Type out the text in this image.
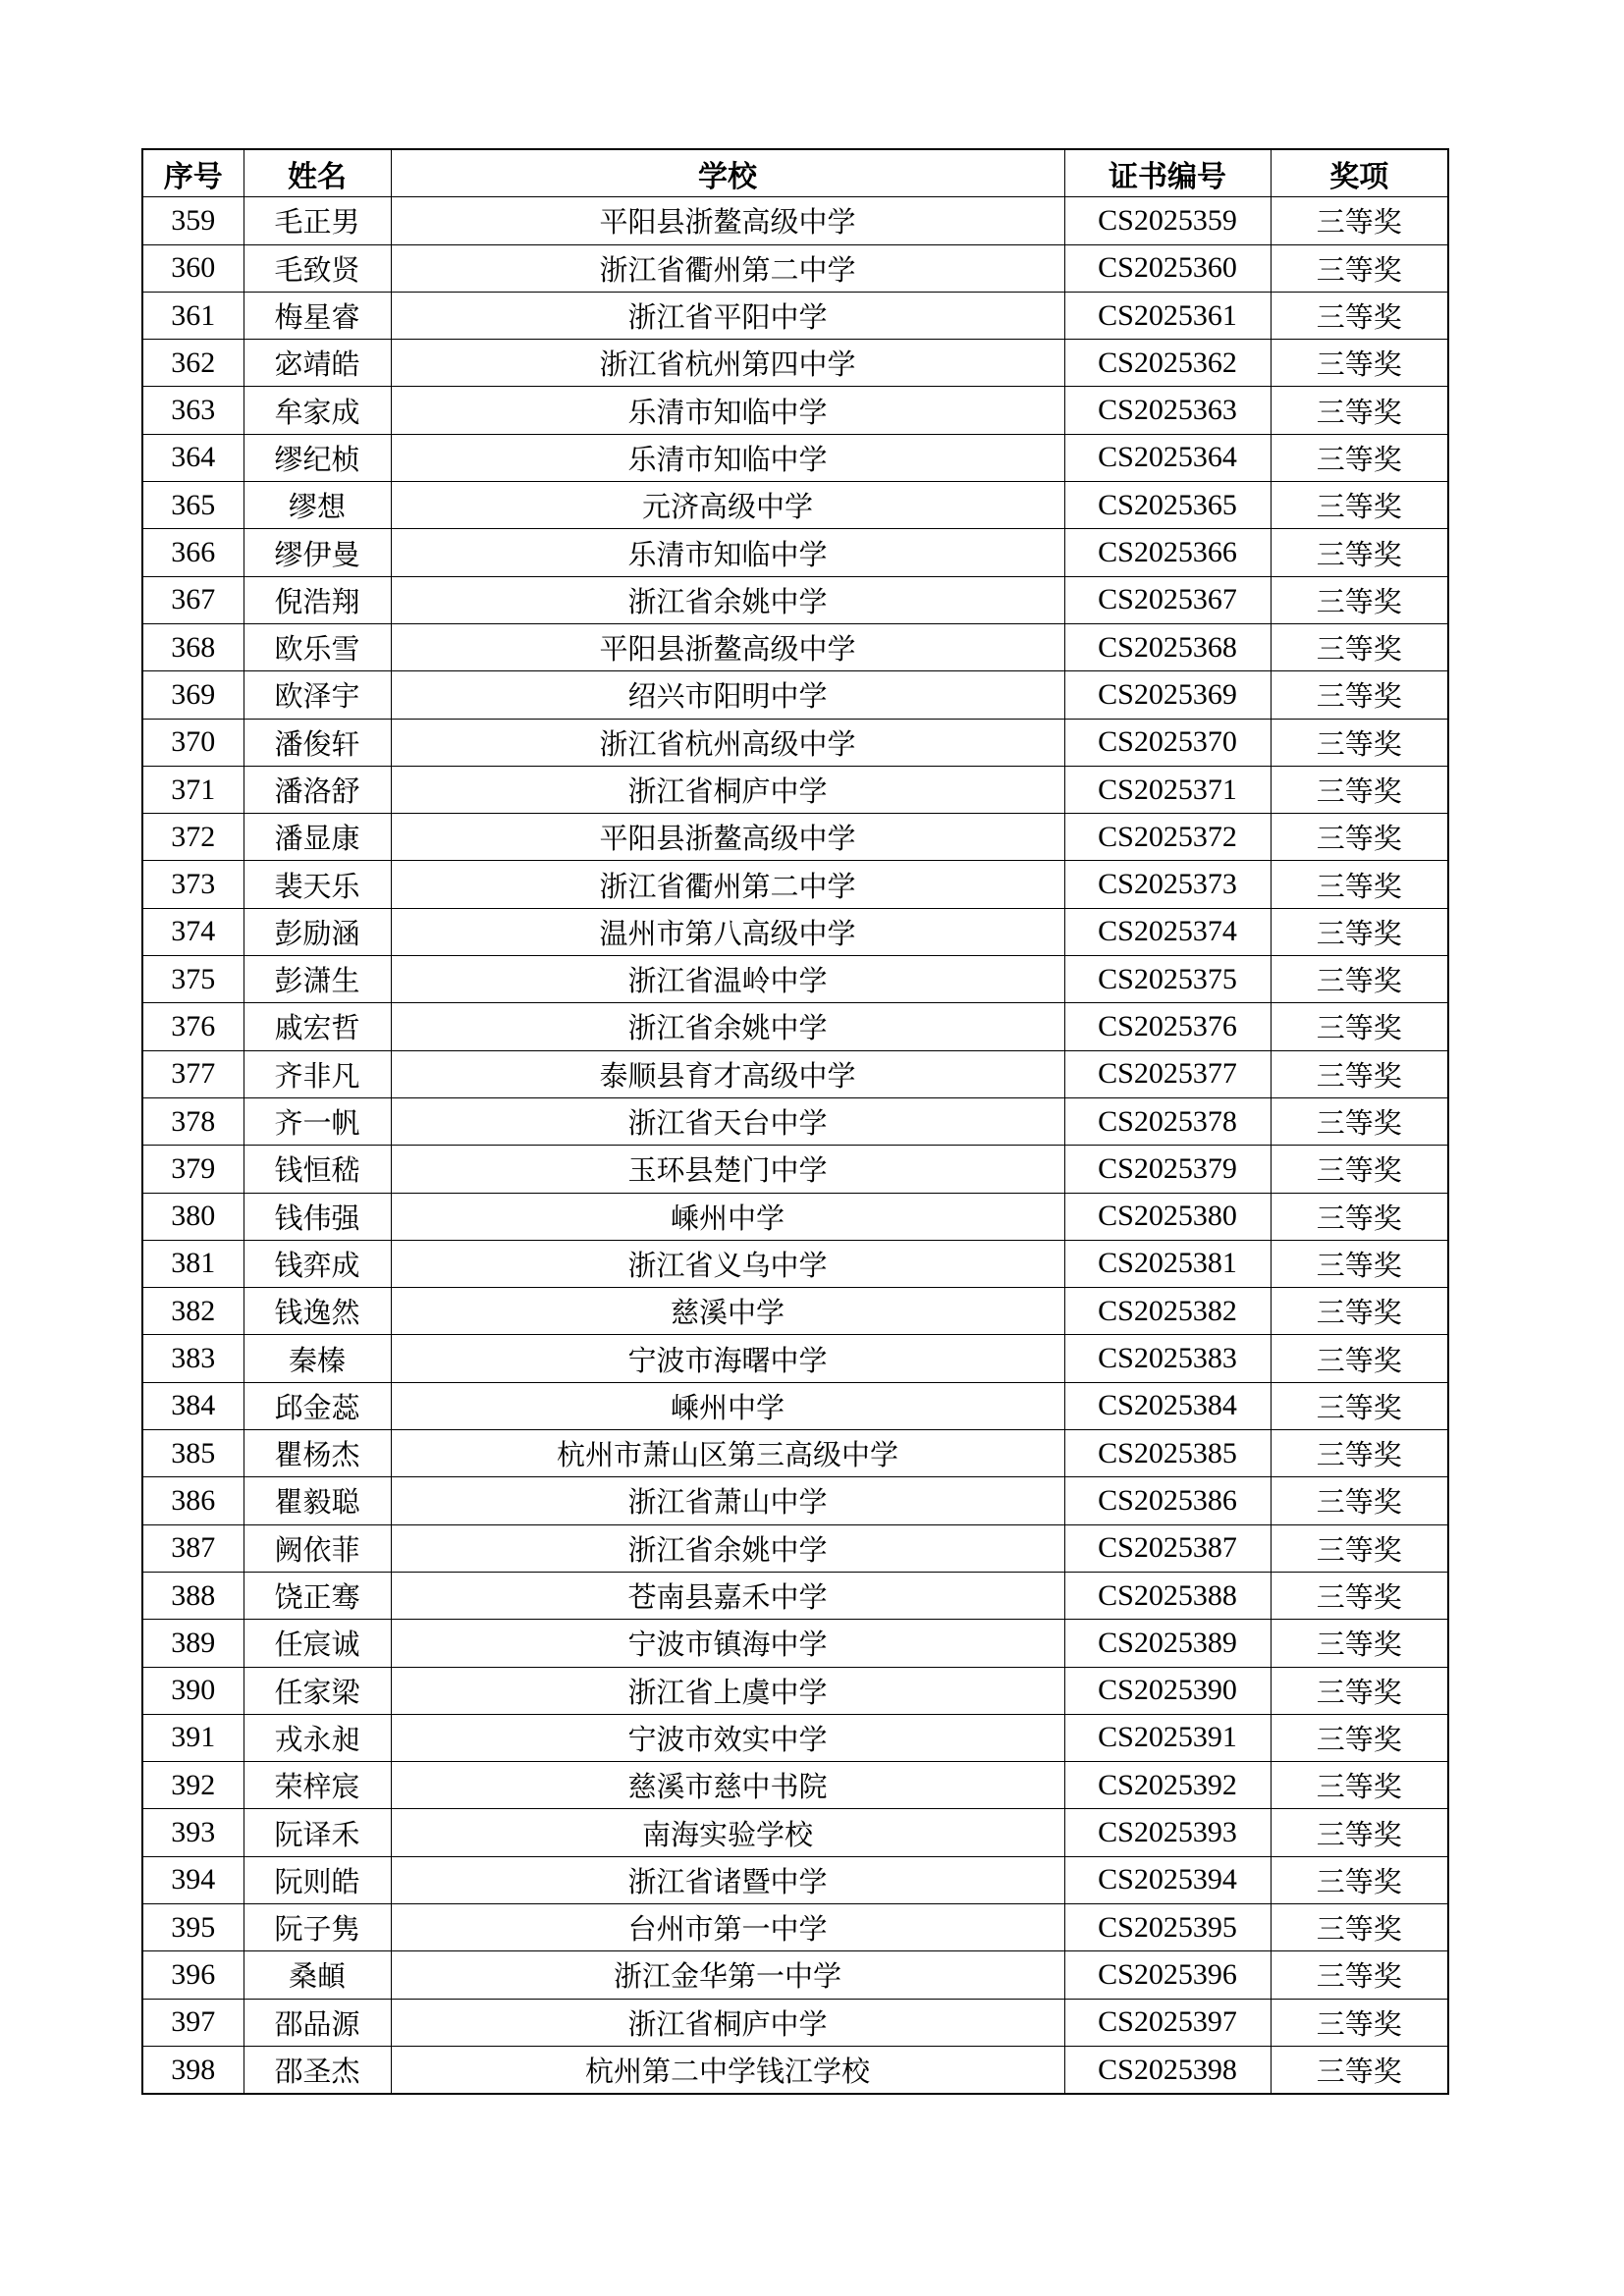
序号	姓名	学校	证书编号	奖项
359	毛正男	平阳县浙鳌高级中学	CS2025359	三等奖
360	毛致贤	浙江省衢州第二中学	CS2025360	三等奖
361	梅星睿	浙江省平阳中学	CS2025361	三等奖
362	宓靖皓	浙江省杭州第四中学	CS2025362	三等奖
363	牟家成	乐清市知临中学	CS2025363	三等奖
364	缪纪桢	乐清市知临中学	CS2025364	三等奖
365	缪想	元济高级中学	CS2025365	三等奖
366	缪伊曼	乐清市知临中学	CS2025366	三等奖
367	倪浩翔	浙江省余姚中学	CS2025367	三等奖
368	欧乐雪	平阳县浙鳌高级中学	CS2025368	三等奖
369	欧泽宇	绍兴市阳明中学	CS2025369	三等奖
370	潘俊轩	浙江省杭州高级中学	CS2025370	三等奖
371	潘洛舒	浙江省桐庐中学	CS2025371	三等奖
372	潘显康	平阳县浙鳌高级中学	CS2025372	三等奖
373	裴天乐	浙江省衢州第二中学	CS2025373	三等奖
374	彭励涵	温州市第八高级中学	CS2025374	三等奖
375	彭潇生	浙江省温岭中学	CS2025375	三等奖
376	戚宏哲	浙江省余姚中学	CS2025376	三等奖
377	齐非凡	泰顺县育才高级中学	CS2025377	三等奖
378	齐一帆	浙江省天台中学	CS2025378	三等奖
379	钱恒嵇	玉环县楚门中学	CS2025379	三等奖
380	钱伟强	嵊州中学	CS2025380	三等奖
381	钱弈成	浙江省义乌中学	CS2025381	三等奖
382	钱逸然	慈溪中学	CS2025382	三等奖
383	秦榛	宁波市海曙中学	CS2025383	三等奖
384	邱金蕊	嵊州中学	CS2025384	三等奖
385	瞿杨杰	杭州市萧山区第三高级中学	CS2025385	三等奖
386	瞿毅聪	浙江省萧山中学	CS2025386	三等奖
387	阙依菲	浙江省余姚中学	CS2025387	三等奖
388	饶正骞	苍南县嘉禾中学	CS2025388	三等奖
389	任宸诚	宁波市镇海中学	CS2025389	三等奖
390	任家梁	浙江省上虞中学	CS2025390	三等奖
391	戎永昶	宁波市效实中学	CS2025391	三等奖
392	荣梓宸	慈溪市慈中书院	CS2025392	三等奖
393	阮译禾	南海实验学校	CS2025393	三等奖
394	阮则皓	浙江省诸暨中学	CS2025394	三等奖
395	阮子隽	台州市第一中学	CS2025395	三等奖
396	桑頔	浙江金华第一中学	CS2025396	三等奖
397	邵品源	浙江省桐庐中学	CS2025397	三等奖
398	邵圣杰	杭州第二中学钱江学校	CS2025398	三等奖
